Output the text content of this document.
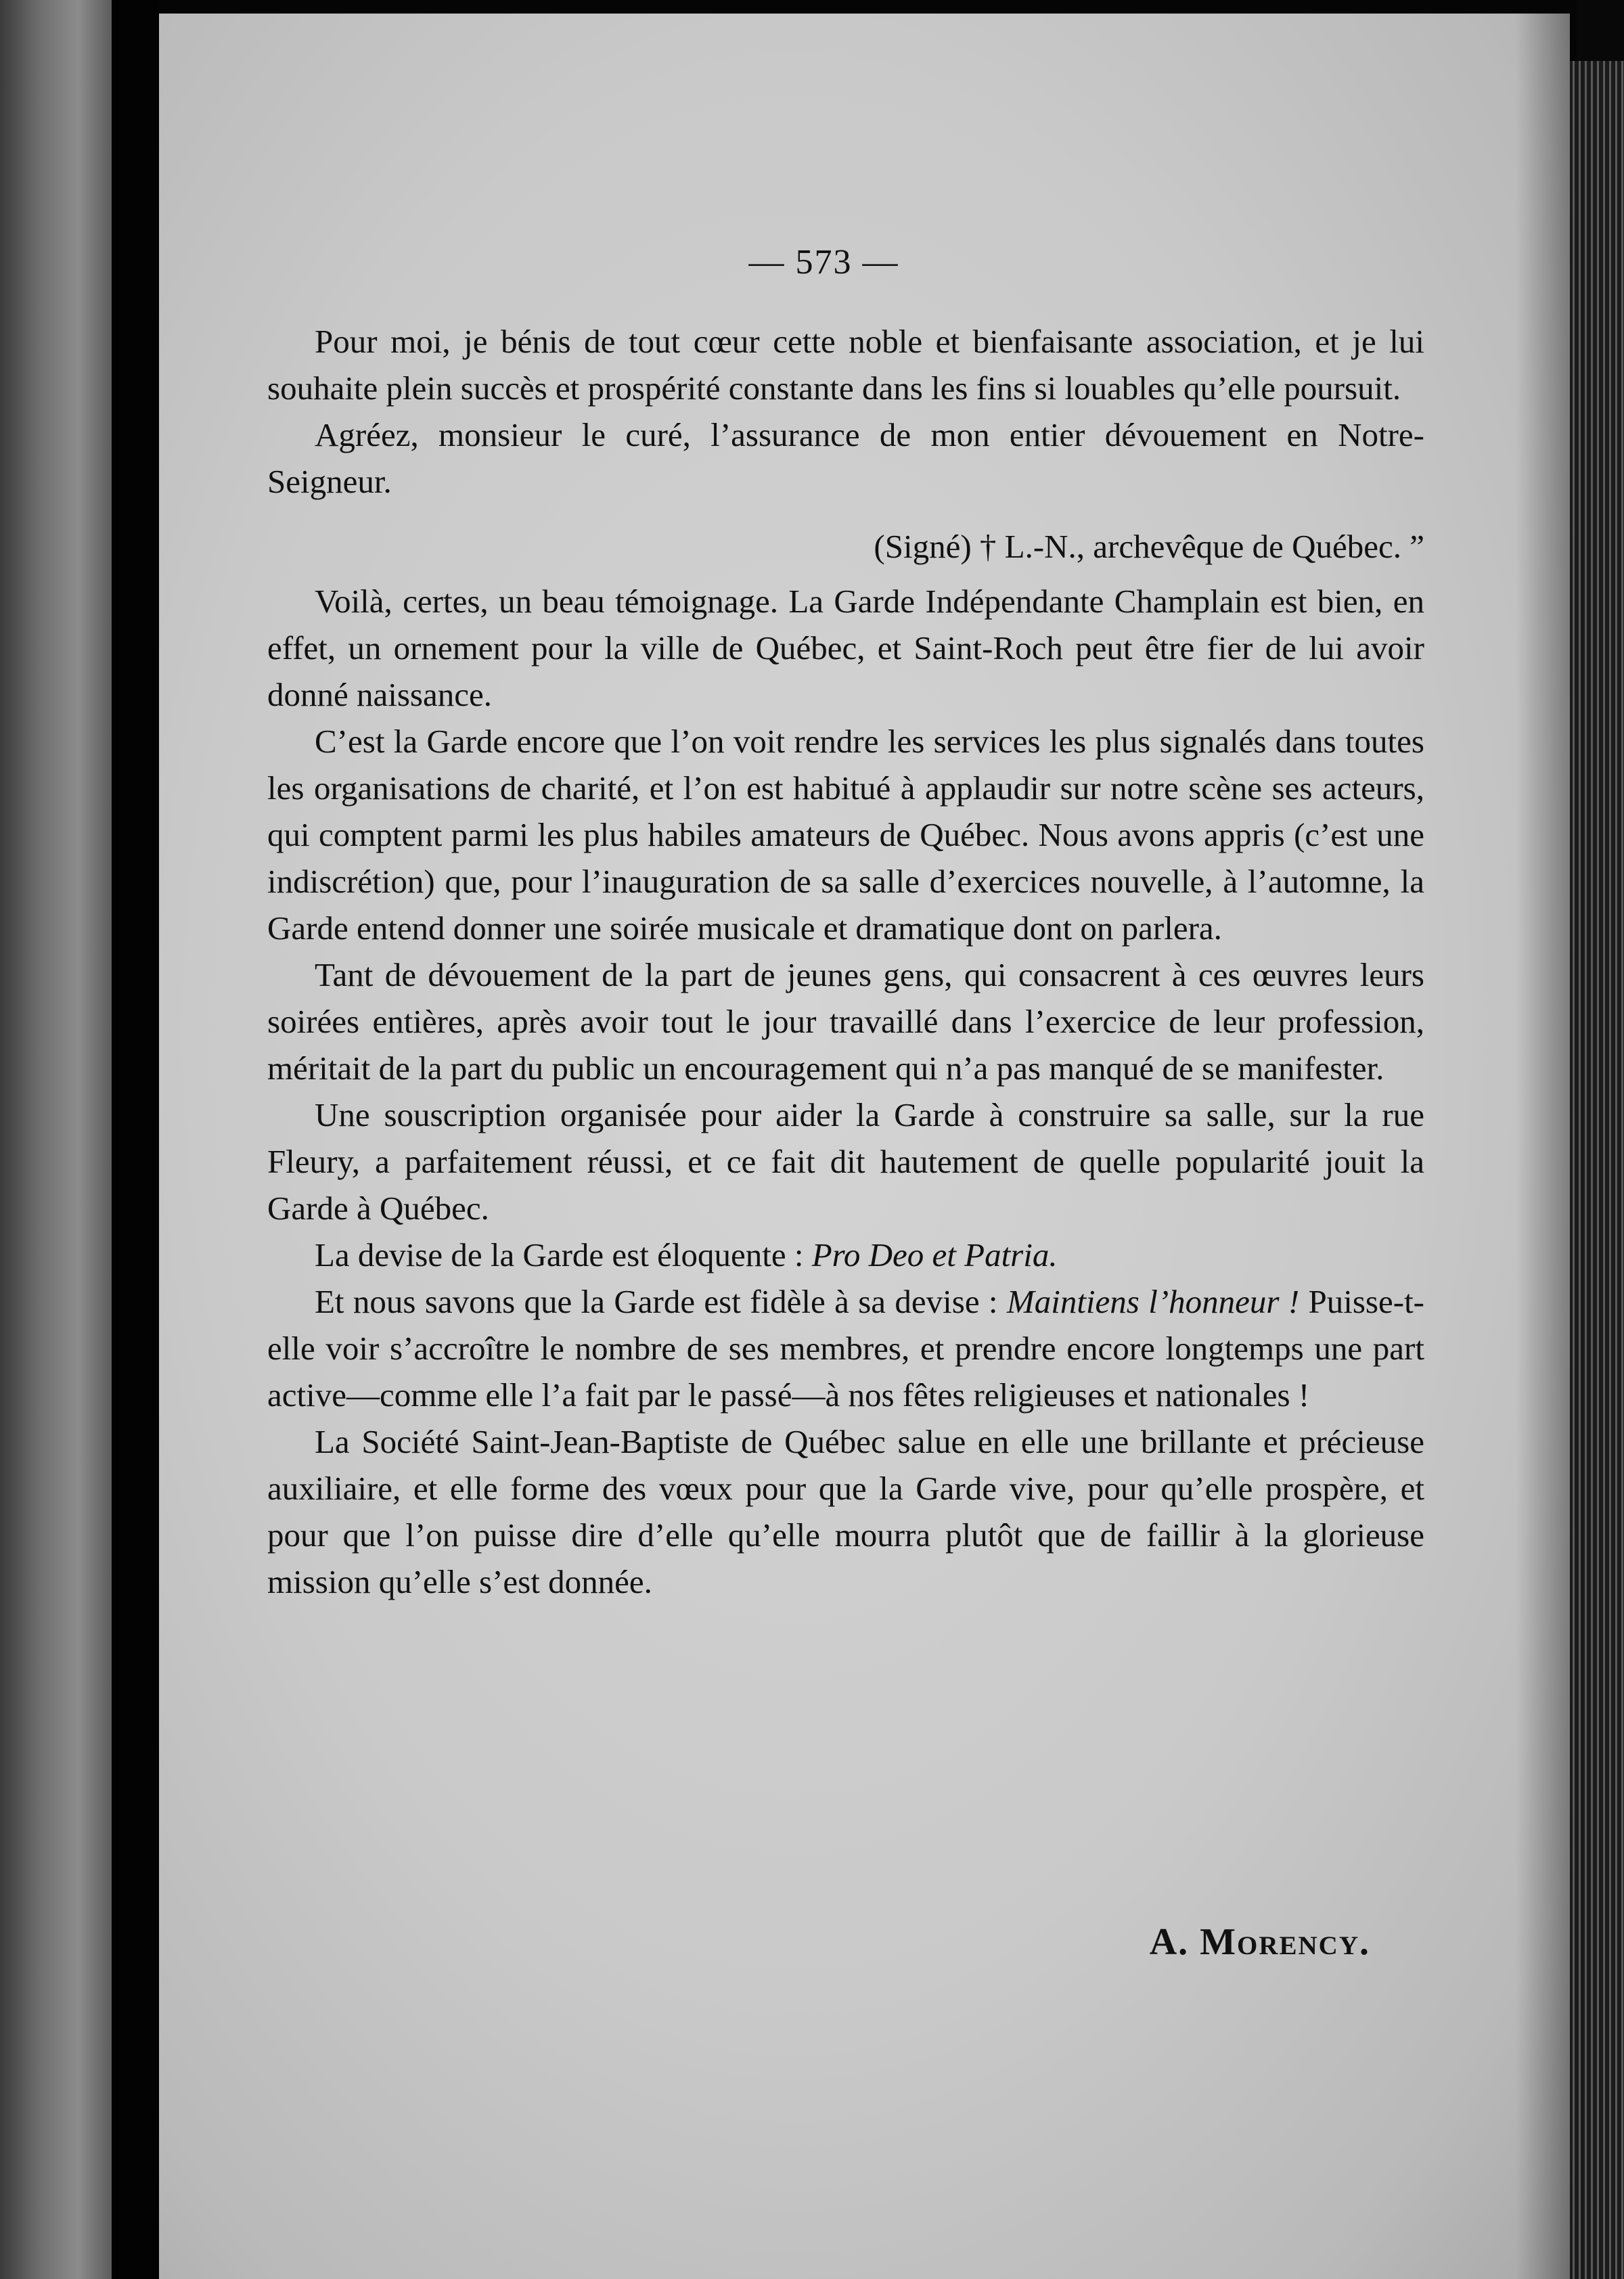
— 573 —

Pour moi, je bénis de tout cœur cette noble et bienfaisante association, et je lui souhaite plein succès et prospérité constante dans les fins si louables qu’elle poursuit.

Agréez, monsieur le curé, l’assurance de mon entier dévouement en Notre-Seigneur.

(Signé) † L.-N., archevêque de Québec. ”

Voilà, certes, un beau témoignage. La Garde Indépendante Champlain est bien, en effet, un ornement pour la ville de Québec, et Saint-Roch peut être fier de lui avoir donné naissance.

C’est la Garde encore que l’on voit rendre les services les plus signalés dans toutes les organisations de charité, et l’on est habitué à applaudir sur notre scène ses acteurs, qui comptent parmi les plus habiles amateurs de Québec. Nous avons appris (c’est une indiscrétion) que, pour l’inauguration de sa salle d’exercices nouvelle, à l’automne, la Garde entend donner une soirée musicale et dramatique dont on parlera.

Tant de dévouement de la part de jeunes gens, qui consacrent à ces œuvres leurs soirées entières, après avoir tout le jour travaillé dans l’exercice de leur profession, méritait de la part du public un encouragement qui n’a pas manqué de se manifester.

Une souscription organisée pour aider la Garde à construire sa salle, sur la rue Fleury, a parfaitement réussi, et ce fait dit hautement de quelle popularité jouit la Garde à Québec.

La devise de la Garde est éloquente : Pro Deo et Patria.

Et nous savons que la Garde est fidèle à sa devise : Maintiens l’honneur ! Puisse-t-elle voir s’accroître le nombre de ses membres, et prendre encore longtemps une part active—comme elle l’a fait par le passé—à nos fêtes religieuses et nationales !

La Société Saint-Jean-Baptiste de Québec salue en elle une brillante et précieuse auxiliaire, et elle forme des vœux pour que la Garde vive, pour qu’elle prospère, et pour que l’on puisse dire d’elle qu’elle mourra plutôt que de faillir à la glorieuse mission qu’elle s’est donnée.

A. Morency.
